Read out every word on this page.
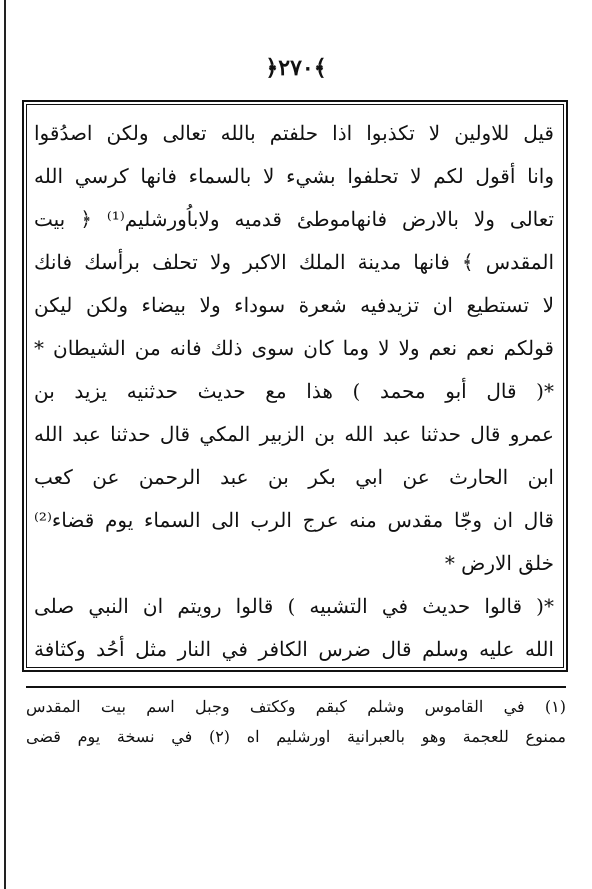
﴿٢٧٠﴾
قيل للاولين لا تكذبوا اذا حلفتم بالله تعالى ولكن اصدُقوا
وانا أقول لكم لا تحلفوا بشيء لا بالسماء فانها كرسي الله
تعالى ولا بالارض فانهاموطئ قدميه ولاباُورشليم⁽¹⁾ ﴿ بيت
المقدس ﴾ فانها مدينة الملك الاكبر ولا تحلف برأسك فانك
لا تستطيع ان تزيدفيه شعرة سوداء ولا بيضاء ولكن ليكن
قولكم نعم نعم ولا لا وما كان سوى ذلك فانه من الشيطان *
*( قال أبو محمد ) هذا مع حديث حدثنيه يزيد بن
عمرو قال حدثنا عبد الله بن الزبير المكي قال حدثنا عبد الله
ابن الحارث عن ابي بكر بن عبد الرحمن عن كعب
قال ان وجّا مقدس منه عرج الرب الى السماء يوم قضاء⁽²⁾
خلق الارض *
*( قالوا حديث في التشبيه ) قالوا رويتم ان النبي صلى
الله عليه وسلم قال ضرس الكافر في النار مثل أحُد وكثافة
(١) في القاموس وشلم كبقم وككتف وجبل اسم بيت المقدس
ممنوع للعجمة وهو بالعبرانية اورشليم اه (٢) في نسخة يوم قضى
